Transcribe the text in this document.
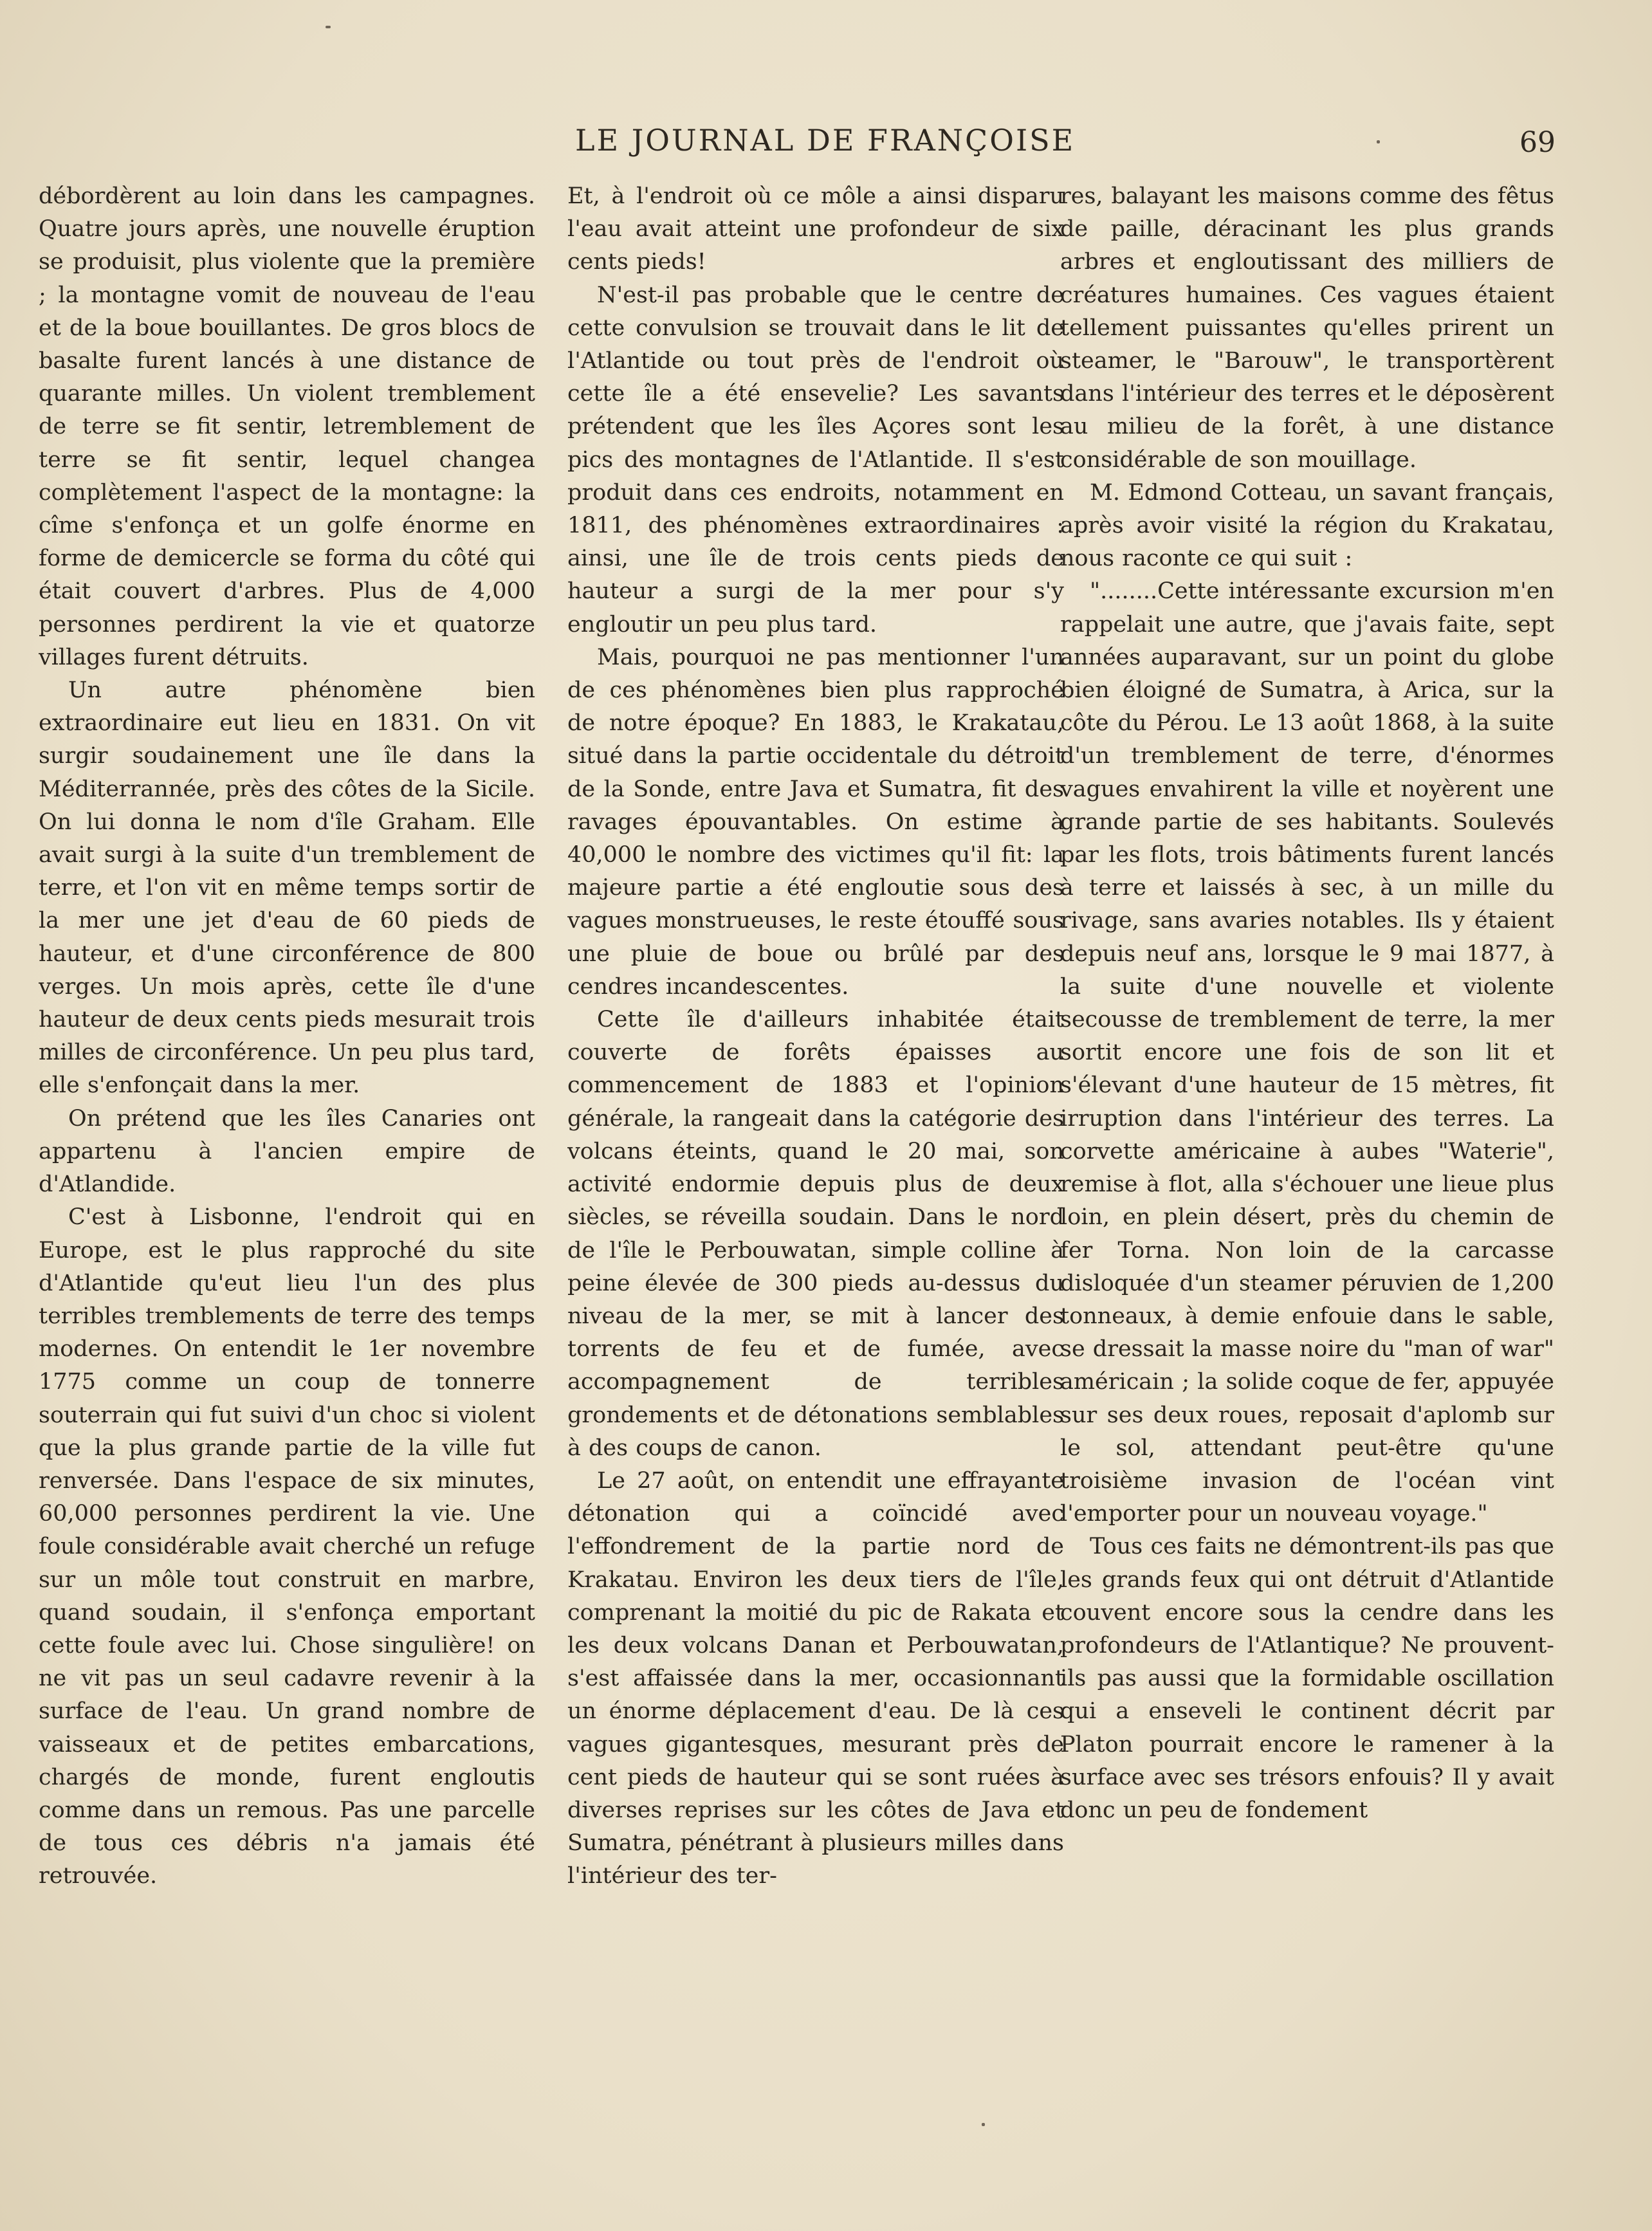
LE JOURNAL DE FRANÇOISE	69

débordèrent au loin dans les campagnes. Quatre jours après, une nouvelle éruption se produisit, plus violente que la première ; la montagne vomit de nouveau de l'eau et de la boue bouillantes. De gros blocs de basalte furent lancés à une distance de quarante milles. Un violent tremblement de terre se fit sentir, letremblement de terre se fit sentir, lequel changea complètement l'aspect de la montagne: la cîme s'enfonça et un golfe énorme en forme de demicercle se forma du côté qui était couvert d'arbres. Plus de 4,000 personnes perdirent la vie et quatorze villages furent détruits.

Un autre phénomène bien extraordinaire eut lieu en 1831. On vit surgir soudainement une île dans la Méditerrannée, près des côtes de la Sicile. On lui donna le nom d'île Graham. Elle avait surgi à la suite d'un tremblement de terre, et l'on vit en même temps sortir de la mer une jet d'eau de 60 pieds de hauteur, et d'une circonférence de 800 verges. Un mois après, cette île d'une hauteur de deux cents pieds mesurait trois milles de circonférence. Un peu plus tard, elle s'enfonçait dans la mer.

On prétend que les îles Canaries ont appartenu à l'ancien empire de d'Atlandide.

C'est à Lisbonne, l'endroit qui en Europe, est le plus rapproché du site d'Atlantide qu'eut lieu l'un des plus terribles tremblements de terre des temps modernes. On entendit le 1er novembre 1775 comme un coup de tonnerre souterrain qui fut suivi d'un choc si violent que la plus grande partie de la ville fut renversée. Dans l'espace de six minutes, 60,000 personnes perdirent la vie. Une foule considérable avait cherché un refuge sur un môle tout construit en marbre, quand soudain, il s'enfonça emportant cette foule avec lui. Chose singulière! on ne vit pas un seul cadavre revenir à la surface de l'eau. Un grand nombre de vaisseaux et de petites embarcations, chargés de monde, furent engloutis comme dans un remous. Pas une parcelle de tous ces débris n'a jamais été retrouvée.

Et, à l'endroit où ce môle a ainsi disparu l'eau avait atteint une profondeur de six cents pieds!

N'est-il pas probable que le centre de cette convulsion se trouvait dans le lit de l'Atlantide ou tout près de l'endroit où cette île a été ensevelie? Les savants prétendent que les îles Açores sont les pics des montagnes de l'Atlantide. Il s'est produit dans ces endroits, notamment en 1811, des phénomènes extraordinaires : ainsi, une île de trois cents pieds de hauteur a surgi de la mer pour s'y engloutir un peu plus tard.

Mais, pourquoi ne pas mentionner l'un de ces phénomènes bien plus rapproché de notre époque? En 1883, le Krakatau, situé dans la partie occidentale du détroit de la Sonde, entre Java et Sumatra, fit des ravages épouvantables. On estime à 40,000 le nombre des victimes qu'il fit: la majeure partie a été engloutie sous des vagues monstrueuses, le reste étouffé sous une pluie de boue ou brûlé par des cendres incandescentes.

Cette île d'ailleurs inhabitée était couverte de forêts épaisses au commencement de 1883 et l'opinion générale, la rangeait dans la catégorie des volcans éteints, quand le 20 mai, son activité endormie depuis plus de deux siècles, se réveilla soudain. Dans le nord de l'île le Perbouwatan, simple colline à peine élevée de 300 pieds au-dessus du niveau de la mer, se mit à lancer des torrents de feu et de fumée, avec accompagnement de terribles grondements et de détonations semblables à des coups de canon.

Le 27 août, on entendit une effrayante détonation qui a coïncidé avec l'effondrement de la partie nord de Krakatau. Environ les deux tiers de l'île, comprenant la moitié du pic de Rakata et les deux volcans Danan et Perbouwatan, s'est affaissée dans la mer, occasionnant un énorme déplacement d'eau. De là ces vagues gigantesques, mesurant près de cent pieds de hauteur qui se sont ruées à diverses reprises sur les côtes de Java et Sumatra, pénétrant à plusieurs milles dans l'intérieur des ter-

res, balayant les maisons comme des fêtus de paille, déracinant les plus grands arbres et engloutissant des milliers de créatures humaines. Ces vagues étaient tellement puissantes qu'elles prirent un steamer, le "Barouw", le transportèrent dans l'intérieur des terres et le déposèrent au milieu de la forêt, à une distance considérable de son mouillage.

M. Edmond Cotteau, un savant français, après avoir visité la région du Krakatau, nous raconte ce qui suit :

"........Cette intéressante excursion m'en rappelait une autre, que j'avais faite, sept années auparavant, sur un point du globe bien éloigné de Sumatra, à Arica, sur la côte du Pérou. Le 13 août 1868, à la suite d'un tremblement de terre, d'énormes vagues envahirent la ville et noyèrent une grande partie de ses habitants. Soulevés par les flots, trois bâtiments furent lancés à terre et laissés à sec, à un mille du rivage, sans avaries notables. Ils y étaient depuis neuf ans, lorsque le 9 mai 1877, à la suite d'une nouvelle et violente secousse de tremblement de terre, la mer sortit encore une fois de son lit et s'élevant d'une hauteur de 15 mètres, fit irruption dans l'intérieur des terres. La corvette américaine à aubes "Waterie", remise à flot, alla s'échouer une lieue plus loin, en plein désert, près du chemin de fer Torna. Non loin de la carcasse disloquée d'un steamer péruvien de 1,200 tonneaux, à demie enfouie dans le sable, se dressait la masse noire du "man of war" américain ; la solide coque de fer, appuyée sur ses deux roues, reposait d'aplomb sur le sol, attendant peut-être qu'une troisième invasion de l'océan vint l'emporter pour un nouveau voyage."

Tous ces faits ne démontrent-ils pas que les grands feux qui ont détruit d'Atlantide couvent encore sous la cendre dans les profondeurs de l'Atlantique? Ne prouvent-ils pas aussi que la formidable oscillation qui a enseveli le continent décrit par Platon pourrait encore le ramener à la surface avec ses trésors enfouis? Il y avait donc un peu de fondement
